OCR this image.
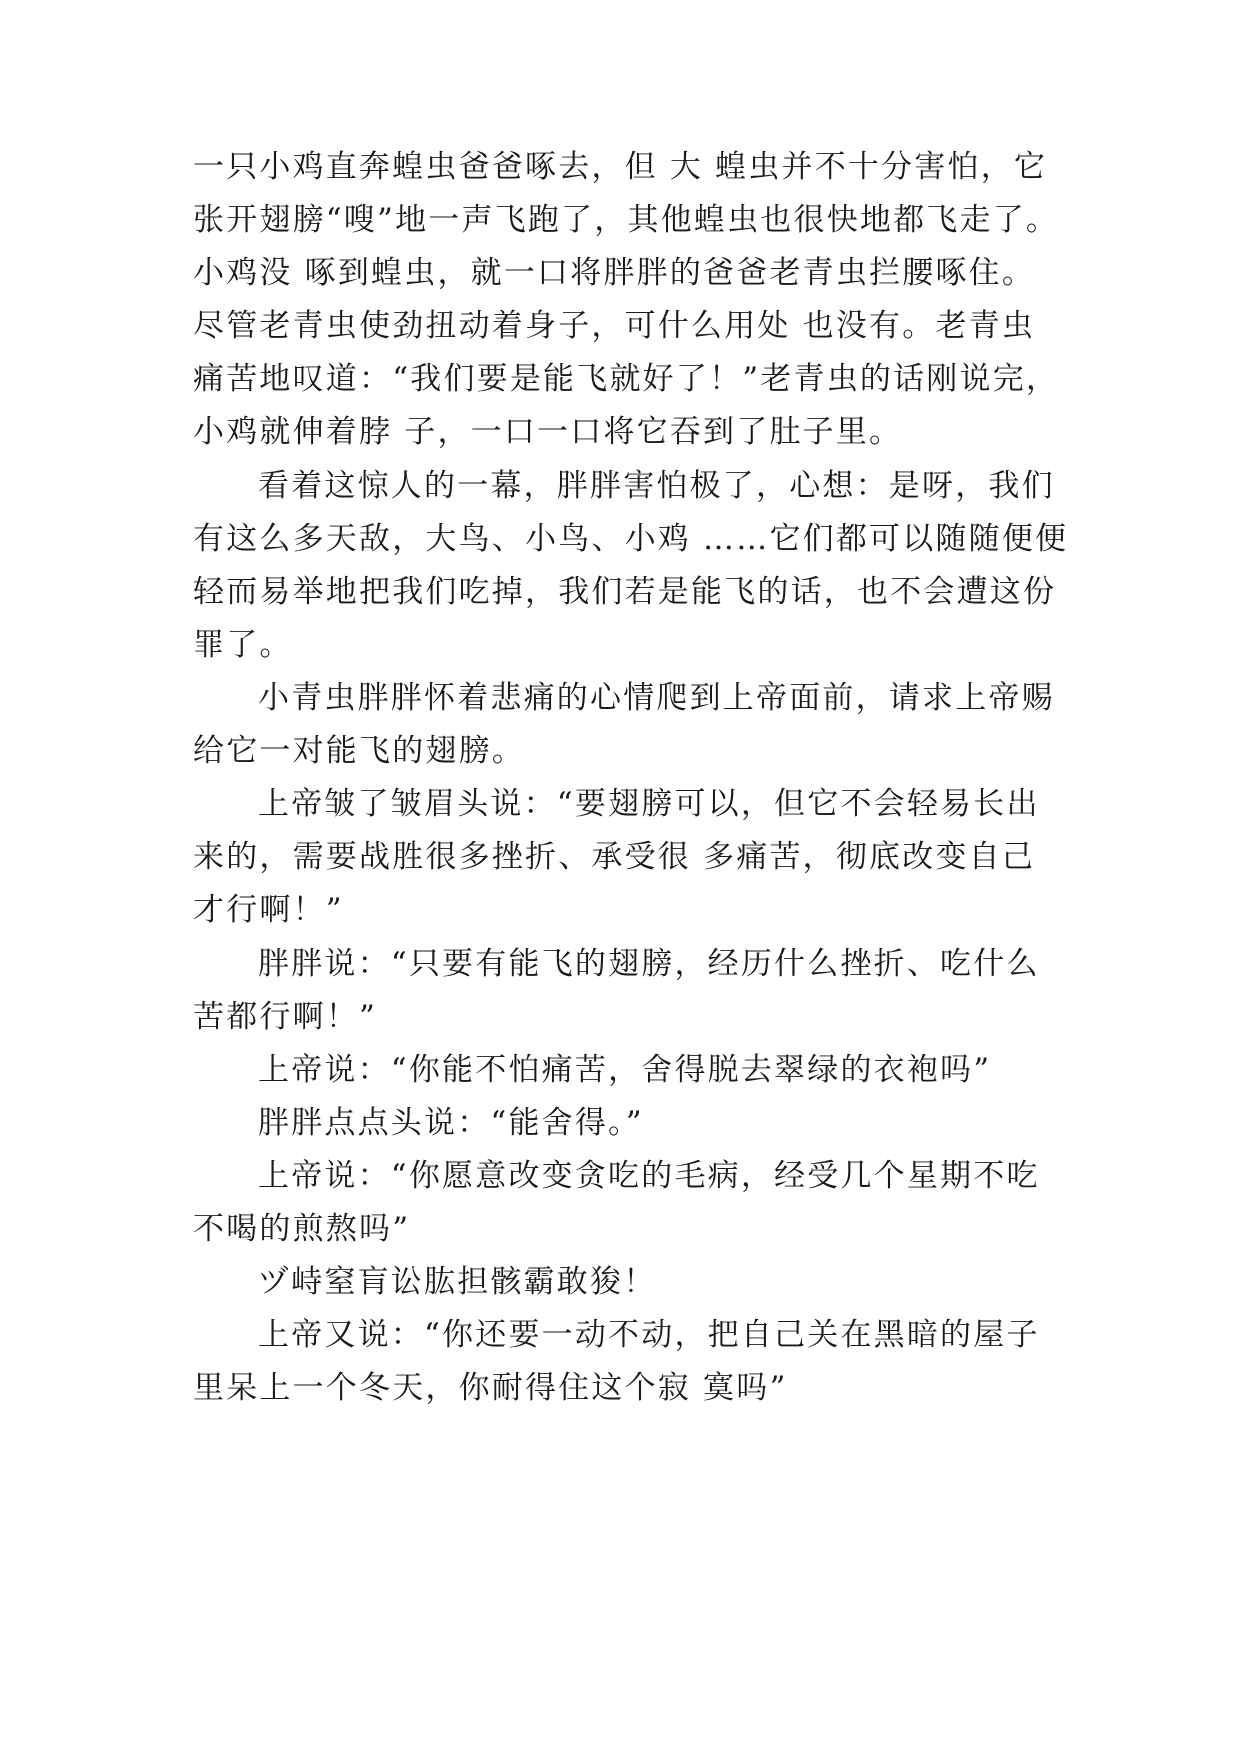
一只小鸡直奔蝗虫爸爸啄去，但 大 蝗虫并不十分害怕，它
张开翅膀“嗖”地一声飞跑了，其他蝗虫也很快地都飞走了。
小鸡没 啄到蝗虫，就一口将胖胖的爸爸老青虫拦腰啄住。
尽管老青虫使劲扭动着身子，可什么用处 也没有。老青虫
痛苦地叹道：“我们要是能飞就好了！”老青虫的话刚说完，
小鸡就伸着脖 子，一口一口将它吞到了肚子里。
看着这惊人的一幕，胖胖害怕极了，心想：是呀，我们
有这么多天敌，大鸟、小鸟、小鸡 ……它们都可以随随便便
轻而易举地把我们吃掉，我们若是能飞的话，也不会遭这份
罪了。
小青虫胖胖怀着悲痛的心情爬到上帝面前，请求上帝赐
给它一对能飞的翅膀。
上帝皱了皱眉头说：“要翅膀可以，但它不会轻易长出
来的，需要战胜很多挫折、承受很 多痛苦，彻底改变自己
才行啊！”
胖胖说：“只要有能飞的翅膀，经历什么挫折、吃什么
苦都行啊！”
上帝说：“你能不怕痛苦，舍得脱去翠绿的衣袍吗”
胖胖点点头说：“能舍得。”
上帝说：“你愿意改变贪吃的毛病，经受几个星期不吃
不喝的煎熬吗”
ヅ峙窒肓讼肱担骸霸敢狻！
上帝又说：“你还要一动不动，把自己关在黑暗的屋子
里呆上一个冬天，你耐得住这个寂 寞吗”
